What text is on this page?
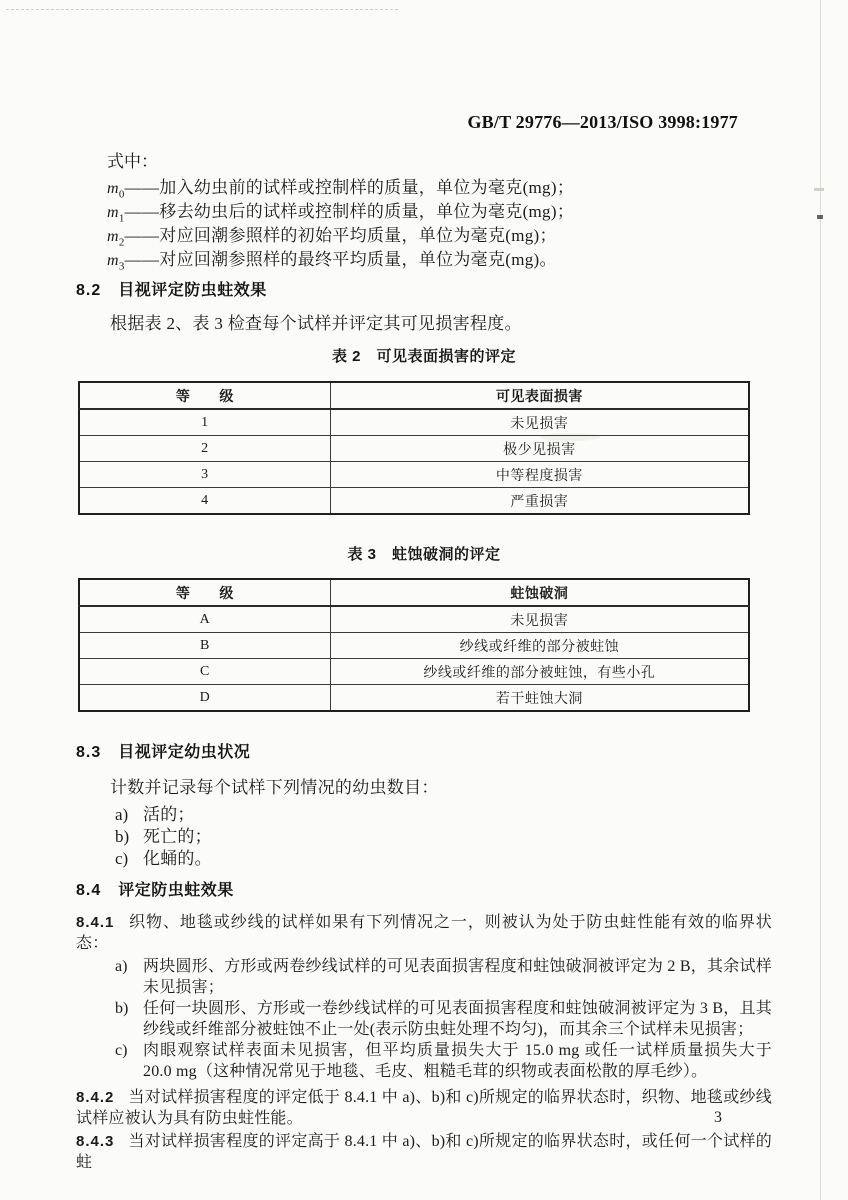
GB/T 29776—2013/ISO 3998:1977
式中：
$m_0——$加入幼虫前的试样或控制样的质量，单位为毫克(mg)；
$m_1——$移去幼虫后的试样或控制样的质量，单位为毫克(mg)；
$m_2——$对应回潮参照样的初始平均质量，单位为毫克(mg)；
$m_3——$对应回潮参照样的最终平均质量，单位为毫克(mg)。
8.2 目视评定防虫蛀效果
根据表 2、表 3 检查每个试样并评定其可见损害程度。
表 2　可见表面损害的评定
等　　级	可见表面损害
1	未见损害
2	极少见损害
3	中等程度损害
4	严重损害
表 3　蛀蚀破洞的评定
等　　级	蛀蚀破洞
A	未见损害
B	纱线或纤维的部分被蛀蚀
C	纱线或纤维的部分被蛀蚀，有些小孔
D	若干蛀蚀大洞
8.3 目视评定幼虫状况
计数并记录每个试样下列情况的幼虫数目：
a) 活的；
b) 死亡的；
c) 化蛹的。
8.4 评定防虫蛀效果
8.4.1 织物、地毯或纱线的试样如果有下列情况之一，则被认为处于防虫蛀性能有效的临界状态：
a) 两块圆形、方形或两卷纱线试样的可见表面损害程度和蛀蚀破洞被评定为 2 B，其余试样未见损害；
b) 任何一块圆形、方形或一卷纱线试样的可见表面损害程度和蛀蚀破洞被评定为 3 B，且其纱线或纤维部分被蛀蚀不止一处(表示防虫蛀处理不均匀)，而其余三个试样未见损害；
c) 肉眼观察试样表面未见损害，但平均质量损失大于 15.0 mg 或任一试样质量损失大于 20.0 mg（这种情况常见于地毯、毛皮、粗糙毛茸的织物或表面松散的厚毛纱）。
8.4.2 当对试样损害程度的评定低于 8.4.1 中 a)、b)和 c)所规定的临界状态时，织物、地毯或纱线试样应被认为具有防虫蛀性能。
8.4.3 当对试样损害程度的评定高于 8.4.1 中 a)、b)和 c)所规定的临界状态时，或任何一个试样的蛀
3
